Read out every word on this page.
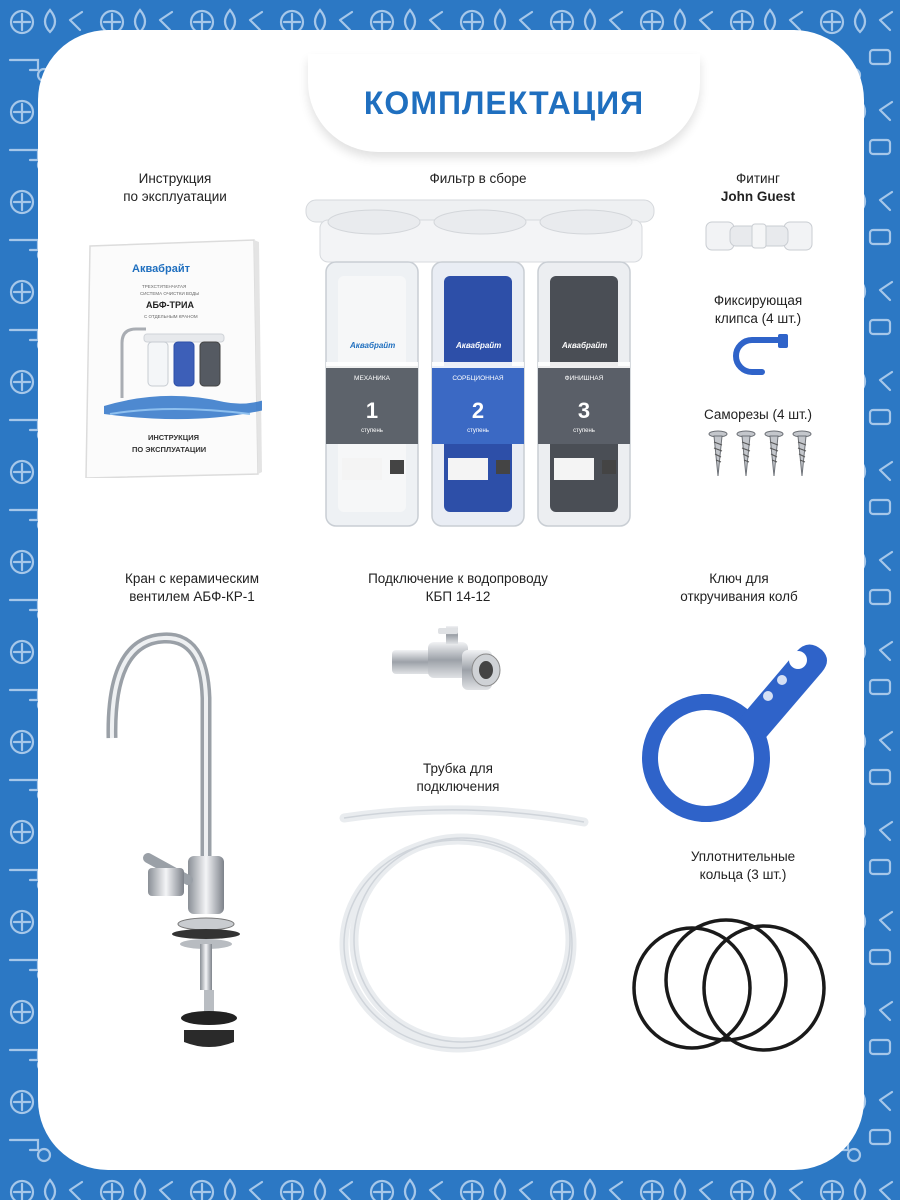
КОМПЛЕКТАЦИЯ
Инструкция
по эксплуатации
Аквабрайт
ТРЕХСТУПЕНЧАТАЯ
СИСТЕМА ОЧИСТКИ ВОДЫ
АБФ-ТРИА
С ОТДЕЛЬНЫМ КРАНОМ
ИНСТРУКЦИЯ
ПО ЭКСПЛУАТАЦИИ
Фильтр в сборе
Аквабрайт	Аквабрайт	Аквабрайт
МЕХАНИКА	СОРБЦИОННАЯ	ФИНИШНАЯ
1	2	3
ступень	ступень	ступень
Фитинг
John Guest
Фиксирующая
клипса (4 шт.)
Саморезы (4 шт.)
Кран с керамическим
вентилем АБФ-КР-1
Подключение к водопроводу
КБП 14-12
Ключ для
откручивания колб
Трубка для
подключения
Уплотнительные
кольца (3 шт.)
